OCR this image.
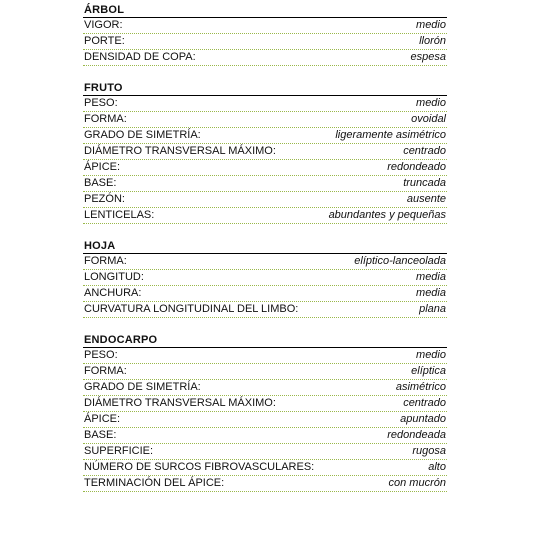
ÁRBOL
VIGOR:	medio
PORTE:	llorón
DENSIDAD DE COPA:	espesa
FRUTO
PESO:	medio
FORMA:	ovoidal
GRADO DE SIMETRÍA:	ligeramente asimétrico
DIÁMETRO TRANSVERSAL MÁXIMO:	centrado
ÁPICE:	redondeado
BASE:	truncada
PEZÓN:	ausente
LENTICELAS:	abundantes y pequeñas
HOJA
FORMA:	elíptico-lanceolada
LONGITUD:	media
ANCHURA:	media
CURVATURA LONGITUDINAL DEL LIMBO:	plana
ENDOCARPO
PESO:	medio
FORMA:	elíptica
GRADO DE SIMETRÍA:	asimétrico
DIÁMETRO TRANSVERSAL MÁXIMO:	centrado
ÁPICE:	apuntado
BASE:	redondeada
SUPERFICIE:	rugosa
NÚMERO DE SURCOS FIBROVASCULARES:	alto
TERMINACIÓN DEL ÁPICE:	con mucrón
